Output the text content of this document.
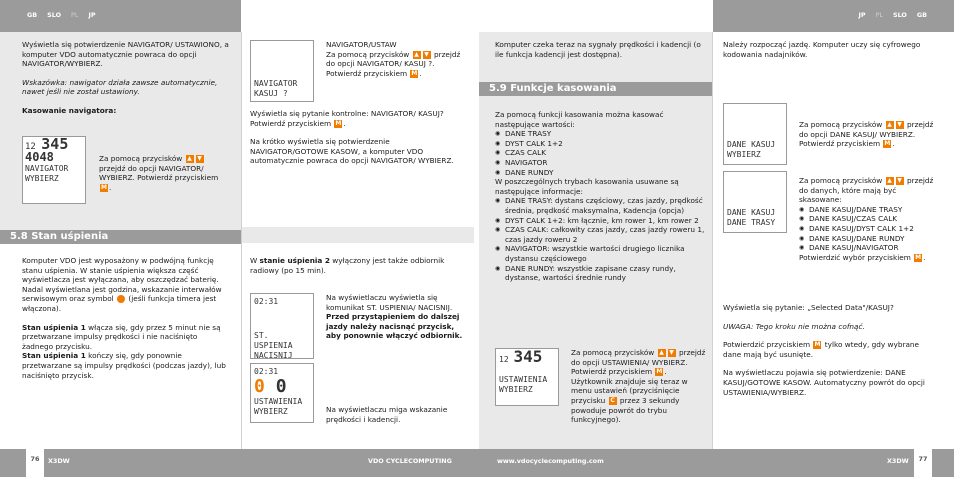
GB	SLO	PL	JP	JP	PL	SLO	GB
Wyświetla się potwierdzenie NAVIGATOR/ USTAWIONO, a komputer VDO automatycznie powraca do opcji NAVIGATOR/WYBIERZ.
Wskazówka: nawigator działa zawsze automatycznie, nawet jeśli nie został ustawiony.
Kasowanie navigatora:
12 345
4048
NAVIGATOR
WYBIERZ
Za pomocą przycisków ▲ ▼ przejdź do opcji NAVIGATOR/ WYBIERZ. Potwierdź przyciskiem M .
5.8 Stan uśpienia
Komputer VDO jest wyposażony w podwójną funkcję stanu uśpienia. W stanie uśpienia większa część wyświetlacza jest wyłączana, aby oszczędzać baterię. Nadal wyświetlana jest godzina, wskazanie interwałów serwisowym oraz symbol (jeśli funkcja timera jest włączona).
Stan uśpienia 1 włącza się, gdy przez 5 minut nie są przetwarzane impulsy prędkości i nie naciśnięto żadnego przycisku.
Stan uśpienia 1 kończy się, gdy ponownie przetwarzane są impulsy prędkości (podczas jazdy), lub naciśnięto przycisk.
NAVIGATOR
KASUJ ?
NAVIGATOR/USTAW
Za pomocą przycisków ▲ ▼ przejdź do opcji NAVIGATOR/ KASUJ ?. Potwierdź przyciskiem M .
Wyświetla się pytanie kontrolne: NAVIGATOR/ KASUJ? Potwierdź przyciskiem M .
Na krótko wyświetla się potwierdzenie NAVIGATOR/GOTOWE KASOW, a komputer VDO automatycznie powraca do opcji NAVIGATOR/ WYBIERZ.
W stanie uśpienia 2 wyłączony jest także odbiornik radiowy (po 15 min).
02:31
ST. USPIENIA
NACISNIJ
Na wyświetlaczu wyświetla się komunikat ST. USPIENIA/ NACISNIJ. Przed przystąpieniem do dalszej jazdy należy nacisnąć przycisk, aby ponownie włączyć odbiornik.
02:31
0 0
USTAWIENIA
WYBIERZ	Na wyświetlaczu miga wskazanie prędkości i kadencji.
Komputer czeka teraz na sygnały prędkości i kadencji (o ile funkcja kadencji jest dostępna).
5.9 Funkcje kasowania
Za pomocą funkcji kasowania można kasować następujące wartości:
◉ DANE TRASY
◉ DYST CALK 1+2
◉ CZAS CALK
◉ NAVIGATOR
◉ DANE RUNDY
W poszczególnych trybach kasowania usuwane są następujące informacje:
◉ DANE TRASY: dystans częściowy, czas jazdy, prędkość średnia, prędkość maksymalna, Kadencja (opcja)
◉ DYST CALK 1+2: km łącznie, km rower 1, km rower 2
◉ CZAS CALK: całkowity czas jazdy, czas jazdy roweru 1, czas jazdy roweru 2
◉ NAVIGATOR: wszystkie wartości drugiego licznika dystansu częściowego
◉ DANE RUNDY: wszystkie zapisane czasy rundy, dystanse, wartości średnie rundy
12 345
USTAWIENIA
WYBIERZ
Za pomocą przycisków ▲ ▼ przejdź do opcji USTAWIENIA/ WYBIERZ. Potwierdź przyciskiem M . Użytkownik znajduje się teraz w menu ustawień (przyciśnięcie przycisku C przez 3 sekundy powoduje powrót do trybu funkcyjnego).
Należy rozpocząć jazdę. Komputer uczy się cyfrowego kodowania nadajników.
DANE KASUJ
WYBIERZ
Za pomocą przycisków ▲ ▼ przejdź do opcji DANE KASUJ/ WYBIERZ. Potwierdź przyciskiem M .
DANE KASUJ
DANE TRASY
Za pomocą przycisków ▲ ▼ przejdź do danych, które mają być skasowane:
◉ DANE KASUJ/DANE TRASY
◉ DANE KASUJ/CZAS CALK
◉ DANE KASUJ/DYST CALK 1+2
◉ DANE KASUJ/DANE RUNDY
◉ DANE KASUJ/NAVIGATOR
Potwierdzić wybór przyciskiem M .
Wyświetla się pytanie: „Selected Data"/KASUJ?
UWAGA: Tego kroku nie można cofnąć.
Potwierdzić przyciskiem M tylko wtedy, gdy wybrane dane mają być usunięte.
Na wyświetlaczu pojawia się potwierdzenie: DANE KASUJ/GOTOWE KASOW. Automatyczny powrót do opcji USTAWIENIA/WYBIERZ.
76	X3DW	VDO CYCLECOMPUTING	www.vdocyclecomputing.com	X3DW	77
